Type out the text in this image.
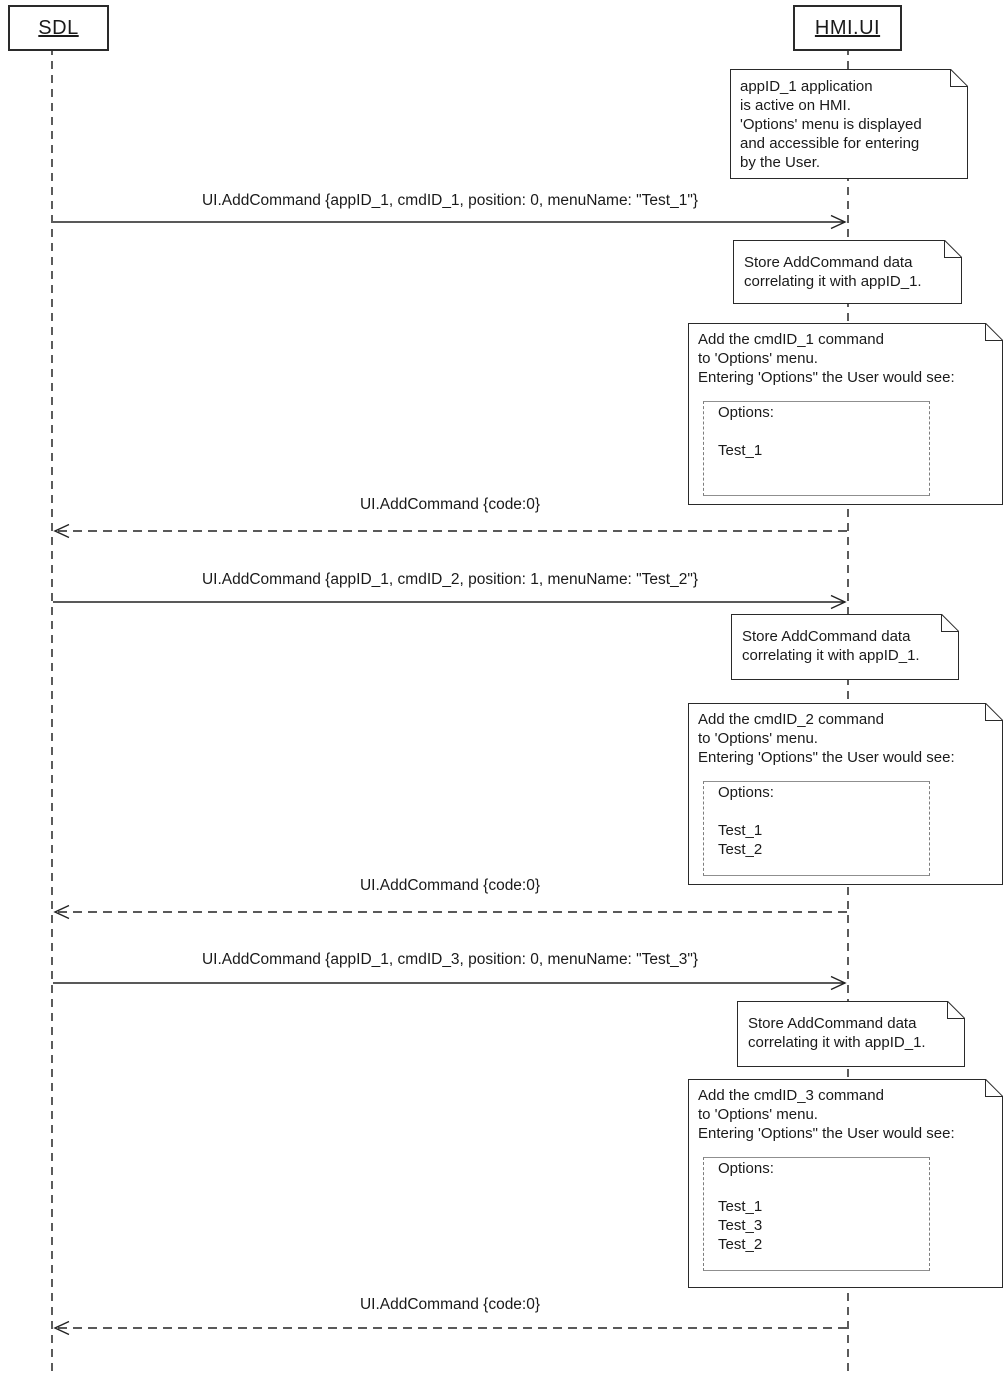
SDL	HMI.UI
appID_1 application
is active on HMI.
'Options' menu is displayed
and accessible for entering
by the User.
UI.AddCommand {appID_1, cmdID_1, position: 0, menuName: "Test_1"}
Store AddCommand data
correlating it with appID_1.
Add the cmdID_1 command
to 'Options' menu.
Entering 'Options" the User would see:
Options:
Test_1
UI.AddCommand {code:0}
UI.AddCommand {appID_1, cmdID_2, position: 1, menuName: "Test_2"}
Store AddCommand data
correlating it with appID_1.
Add the cmdID_2 command
to 'Options' menu.
Entering 'Options" the User would see:
Options:
Test_1
Test_2
UI.AddCommand {code:0}
UI.AddCommand {appID_1, cmdID_3, position: 0, menuName: "Test_3"}
Store AddCommand data
correlating it with appID_1.
Add the cmdID_3 command
to 'Options' menu.
Entering 'Options" the User would see:
Options:
Test_1
Test_3
Test_2
UI.AddCommand {code:0}
